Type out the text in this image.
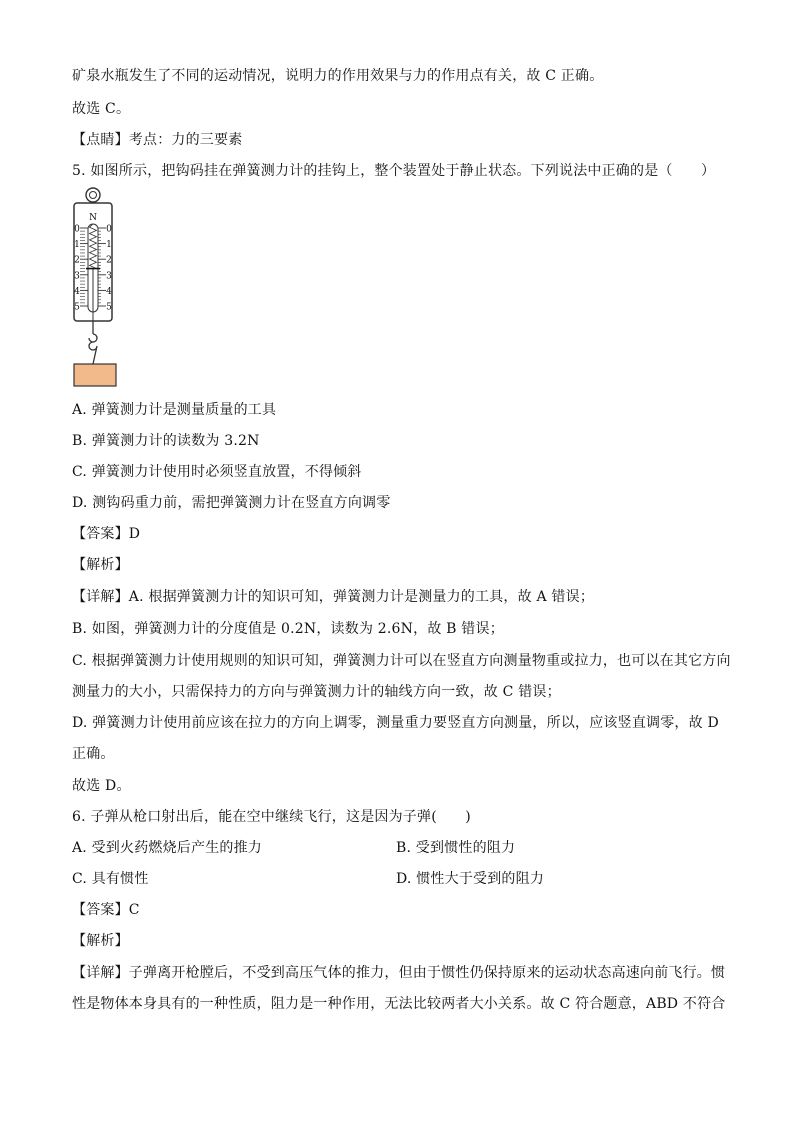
矿泉水瓶发生了不同的运动情况，说明力的作用效果与力的作用点有关，故 C 正确。
故选 C。
【点睛】考点：力的三要素
5. 如图所示，把钩码挂在弹簧测力计的挂钩上，整个装置处于静止状态。下列说法中正确的是（　　）
N
0
1
2
3
4
5
0
1
2
3
4
5
A. 弹簧测力计是测量质量的工具
B. 弹簧测力计的读数为 3.2N
C. 弹簧测力计使用时必须竖直放置，不得倾斜
D. 测钩码重力前，需把弹簧测力计在竖直方向调零
【答案】D
【解析】
【详解】A. 根据弹簧测力计的知识可知，弹簧测力计是测量力的工具，故 A 错误；
B. 如图，弹簧测力计的分度值是 0.2N，读数为 2.6N，故 B 错误；
C. 根据弹簧测力计使用规则的知识可知，弹簧测力计可以在竖直方向测量物重或拉力，也可以在其它方向
测量力的大小，只需保持力的方向与弹簧测力计的轴线方向一致，故 C 错误；
D. 弹簧测力计使用前应该在拉力的方向上调零，测量重力要竖直方向测量，所以，应该竖直调零，故 D
正确。
故选 D。
6. 子弹从枪口射出后，能在空中继续飞行，这是因为子弹(　　)
A. 受到火药燃烧后产生的推力	B. 受到惯性的阻力
C. 具有惯性	D. 惯性大于受到的阻力
【答案】C
【解析】
【详解】子弹离开枪膛后，不受到高压气体的推力，但由于惯性仍保持原来的运动状态高速向前飞行。惯
性是物体本身具有的一种性质，阻力是一种作用，无法比较两者大小关系。故 C 符合题意，ABD 不符合
